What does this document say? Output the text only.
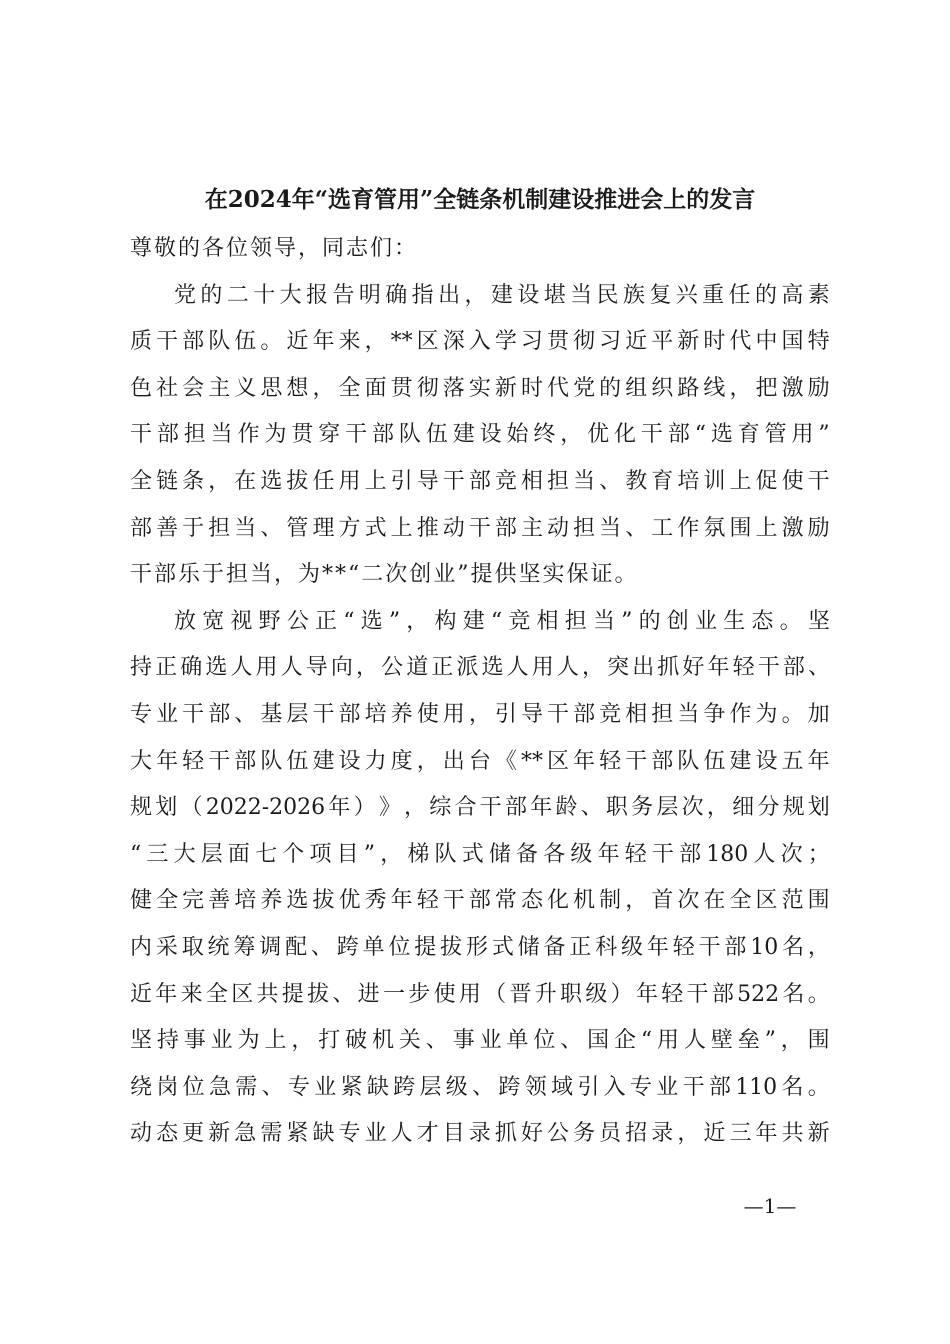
在2024年“选育管用”全链条机制建设推进会上的发言
尊敬的各位领导，同志们：
党 的 二 十 大 报 告 明 确 指 出 ， 建 设 堪 当 民 族 复 兴 重 任 的 高 素
质 干 部 队 伍 。 近 年 来 ， ** 区 深 入 学 习 贯 彻 习 近 平 新 时 代 中 国 特
色 社 会 主 义 思 想 ， 全 面 贯 彻 落 实 新 时 代 党 的 组 织 路 线 ， 把 激 励
干 部 担 当 作 为 贯 穿 干 部 队 伍 建 设 始 终 ， 优 化 干 部 “ 选 育 管 用 ”
全 链 条 ， 在 选 拔 任 用 上 引 导 干 部 竞 相 担 当 、 教 育 培 训 上 促 使 干
部 善 于 担 当 、 管 理 方 式 上 推 动 干 部 主 动 担 当 、 工 作 氛 围 上 激 励
干部乐于担当，为**“二次创业”提供坚实保证。
放 宽 视 野 公 正 “ 选 ” ， 构 建 “ 竞 相 担 当 ” 的 创 业 生 态 。 坚
持 正 确 选 人 用 人 导 向 ， 公 道 正 派 选 人 用 人 ， 突 出 抓 好 年 轻 干 部 、
专 业 干 部 、 基 层 干 部 培 养 使 用 ， 引 导 干 部 竞 相 担 当 争 作 为 。 加
大 年 轻 干 部 队 伍 建 设 力 度 ， 出 台 《 ** 区 年 轻 干 部 队 伍 建 设 五 年
规 划 （ 2022-2026 年 ） 》 ， 综 合 干 部 年 龄 、 职 务 层 次 ， 细 分 规 划
“ 三 大 层 面 七 个 项 目 ” ， 梯 队 式 储 备 各 级 年 轻 干 部 180 人 次 ；
健 全 完 善 培 养 选 拔 优 秀 年 轻 干 部 常 态 化 机 制 ， 首 次 在 全 区 范 围
内 采 取 统 筹 调 配 、 跨 单 位 提 拔 形 式 储 备 正 科 级 年 轻 干 部 10 名 ，
近 年 来 全 区 共 提 拔 、 进 一 步 使 用 （ 晋 升 职 级 ） 年 轻 干 部 522 名 。
坚 持 事 业 为 上 ， 打 破 机 关 、 事 业 单 位 、 国 企 “ 用 人 壁 垒 ” ， 围
绕 岗 位 急 需 、 专 业 紧 缺 跨 层 级 、 跨 领 域 引 入 专 业 干 部 110 名 。
动 态 更 新 急 需 紧 缺 专 业 人 才 目 录 抓 好 公 务 员 招 录 ， 近 三 年 共 新
—1—
